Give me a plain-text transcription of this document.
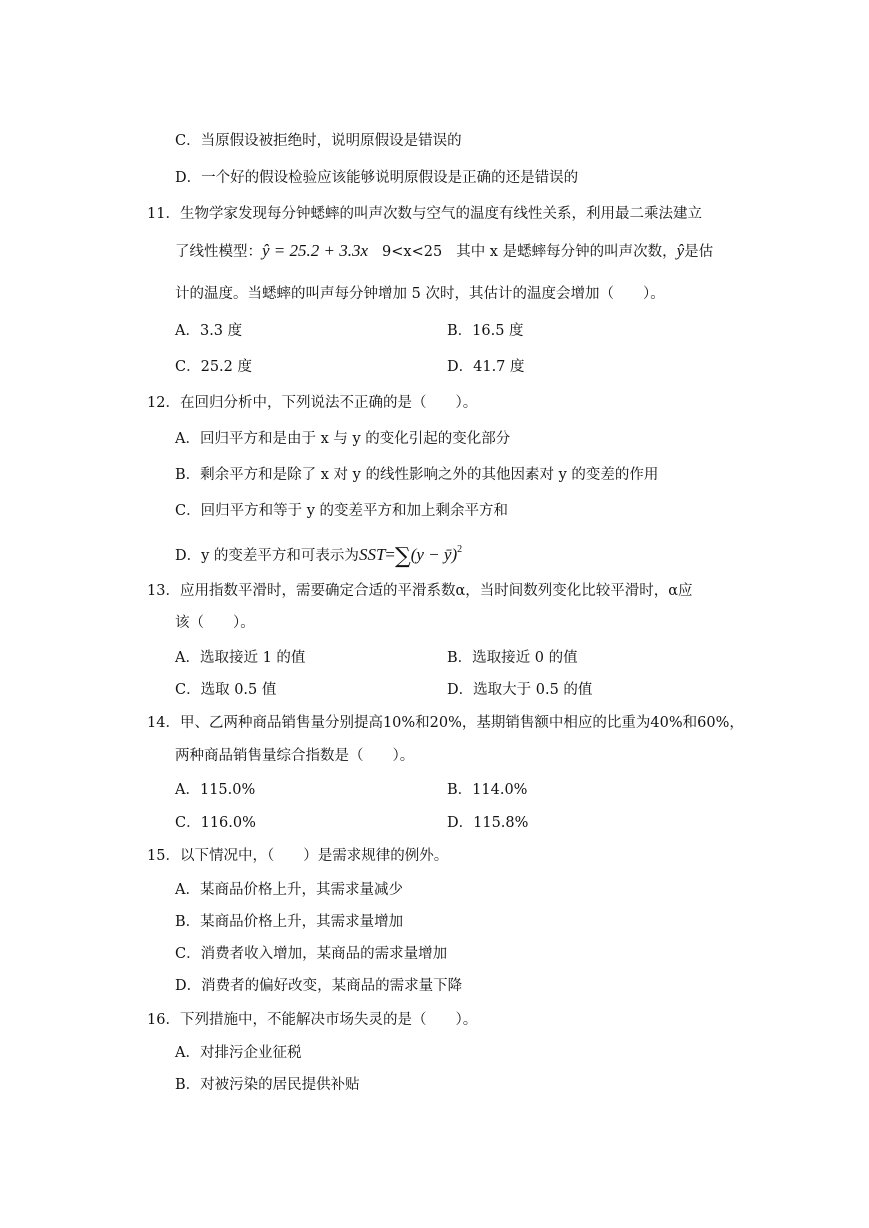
C．当原假设被拒绝时，说明原假设是错误的
D．一个好的假设检验应该能够说明原假设是正确的还是错误的
11．生物学家发现每分钟蟋蟀的叫声次数与空气的温度有线性关系，利用最二乘法建立
了线性模型：ŷ = 25.2 + 3.3x 9<x<25 其中 x 是蟋蟀每分钟的叫声次数，ŷ是估
计的温度。当蟋蟀的叫声每分钟增加 5 次时，其估计的温度会增加（　　）。
A．3.3 度	B．16.5 度
C．25.2 度	D．41.7 度
12．在回归分析中，下列说法不正确的是（　　）。
A．回归平方和是由于 x 与 y 的变化引起的变化部分
B．剩余平方和是除了 x 对 y 的线性影响之外的其他因素对 y 的变差的作用
C．回归平方和等于 y 的变差平方和加上剩余平方和
D．y 的变差平方和可表示为SST=∑(y − ȳ)$^2$
13．应用指数平滑时，需要确定合适的平滑系数α，当时间数列变化比较平滑时，α应
该（　　）。
A．选取接近 1 的值	B．选取接近 0 的值
C．选取 0.5 值	D．选取大于 0.5 的值
14．甲、乙两种商品销售量分别提高10%和20%，基期销售额中相应的比重为40%和60%，
两种商品销售量综合指数是（　　）。
A．115.0%	B．114.0%
C．116.0%	D．115.8%
15．以下情况中，（　　）是需求规律的例外。
A．某商品价格上升，其需求量减少
B．某商品价格上升，其需求量增加
C．消费者收入增加，某商品的需求量增加
D．消费者的偏好改变，某商品的需求量下降
16．下列措施中，不能解决市场失灵的是（　　）。
A．对排污企业征税
B．对被污染的居民提供补贴
